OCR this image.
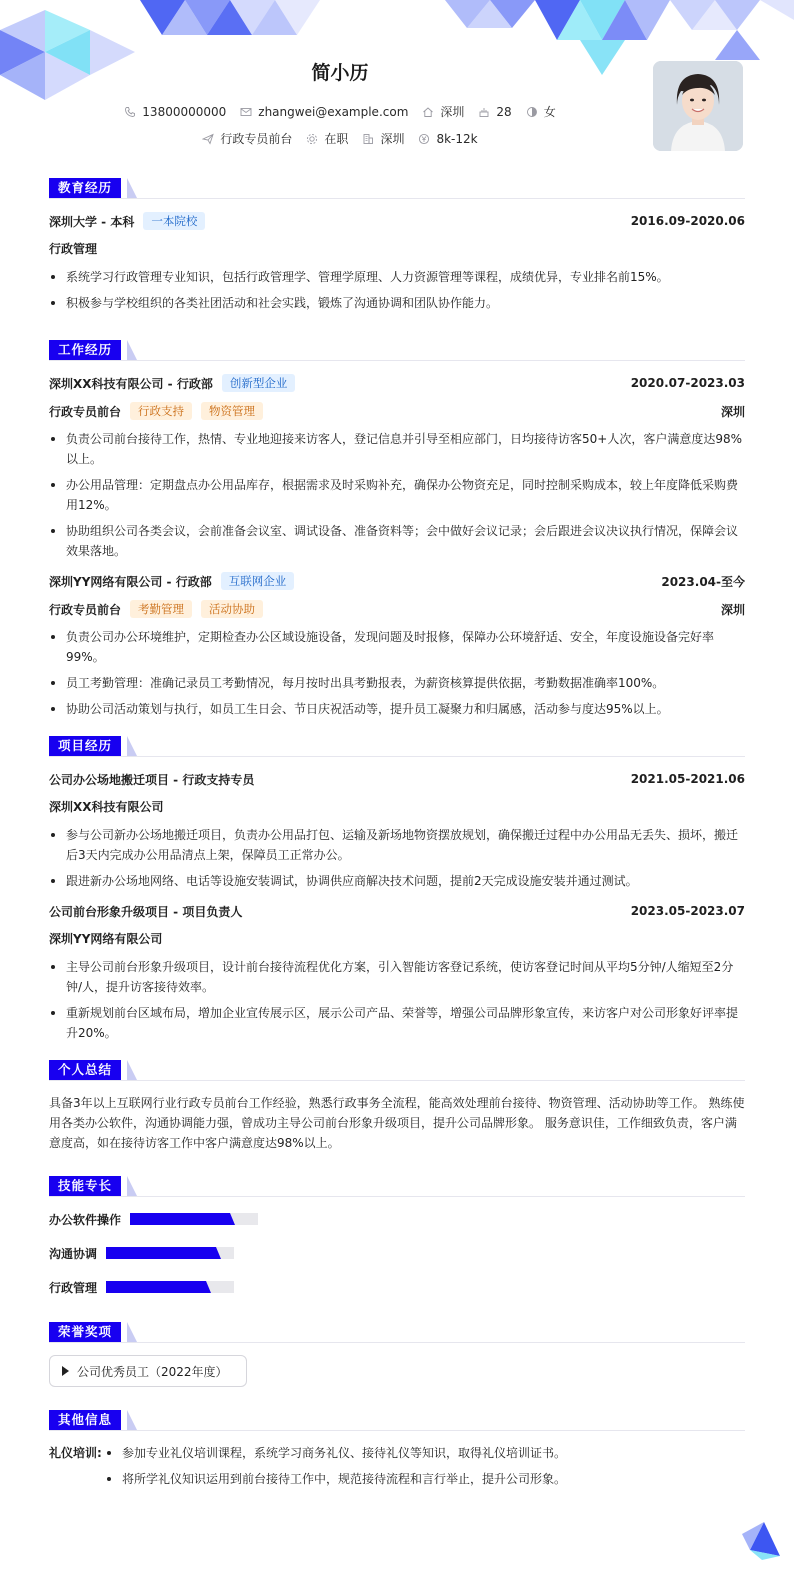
简小历
13800000000	zhangwei@example.com	深圳	28	女
行政专员前台	在职	深圳	8k-12k
教育经历
深圳大学 - 本科	一本院校	2016.09-2020.06
行政管理
系统学习行政管理专业知识，包括行政管理学、管理学原理、人力资源管理等课程，成绩优异，专业排名前15%。
积极参与学校组织的各类社团活动和社会实践，锻炼了沟通协调和团队协作能力。
工作经历
深圳XX科技有限公司 - 行政部	创新型企业	2020.07-2023.03
行政专员前台	行政支持	物资管理	深圳
负责公司前台接待工作，热情、专业地迎接来访客人，登记信息并引导至相应部门，日均接待访客50+人次，客户满意度达98%以上。
办公用品管理：定期盘点办公用品库存，根据需求及时采购补充，确保办公物资充足，同时控制采购成本，较上年度降低采购费用12%。
协助组织公司各类会议，会前准备会议室、调试设备、准备资料等；会中做好会议记录；会后跟进会议决议执行情况，保障会议效果落地。
深圳YY网络有限公司 - 行政部	互联网企业	2023.04-至今
行政专员前台	考勤管理	活动协助	深圳
负责公司办公环境维护，定期检查办公区域设施设备，发现问题及时报修，保障办公环境舒适、安全，年度设施设备完好率99%。
员工考勤管理：准确记录员工考勤情况，每月按时出具考勤报表，为薪资核算提供依据，考勤数据准确率100%。
协助公司活动策划与执行，如员工生日会、节日庆祝活动等，提升员工凝聚力和归属感，活动参与度达95%以上。
项目经历
公司办公场地搬迁项目 - 行政支持专员	2021.05-2021.06
深圳XX科技有限公司
参与公司新办公场地搬迁项目，负责办公用品打包、运输及新场地物资摆放规划，确保搬迁过程中办公用品无丢失、损坏，搬迁后3天内完成办公用品清点上架，保障员工正常办公。
跟进新办公场地网络、电话等设施安装调试，协调供应商解决技术问题，提前2天完成设施安装并通过测试。
公司前台形象升级项目 - 项目负责人	2023.05-2023.07
深圳YY网络有限公司
主导公司前台形象升级项目，设计前台接待流程优化方案，引入智能访客登记系统，使访客登记时间从平均5分钟/人缩短至2分钟/人，提升访客接待效率。
重新规划前台区域布局，增加企业宣传展示区，展示公司产品、荣誉等，增强公司品牌形象宣传，来访客户对公司形象好评率提升20%。
个人总结
具备3年以上互联网行业行政专员前台工作经验，熟悉行政事务全流程，能高效处理前台接待、物资管理、活动协助等工作。 熟练使用各类办公软件，沟通协调能力强，曾成功主导公司前台形象升级项目，提升公司品牌形象。 服务意识佳，工作细致负责，客户满意度高，如在接待访客工作中客户满意度达98%以上。
技能专长
办公软件操作
沟通协调
行政管理
荣誉奖项
公司优秀员工（2022年度）
其他信息
礼仪培训:	参加专业礼仪培训课程，系统学习商务礼仪、接待礼仪等知识，取得礼仪培训证书。
将所学礼仪知识运用到前台接待工作中，规范接待流程和言行举止，提升公司形象。
